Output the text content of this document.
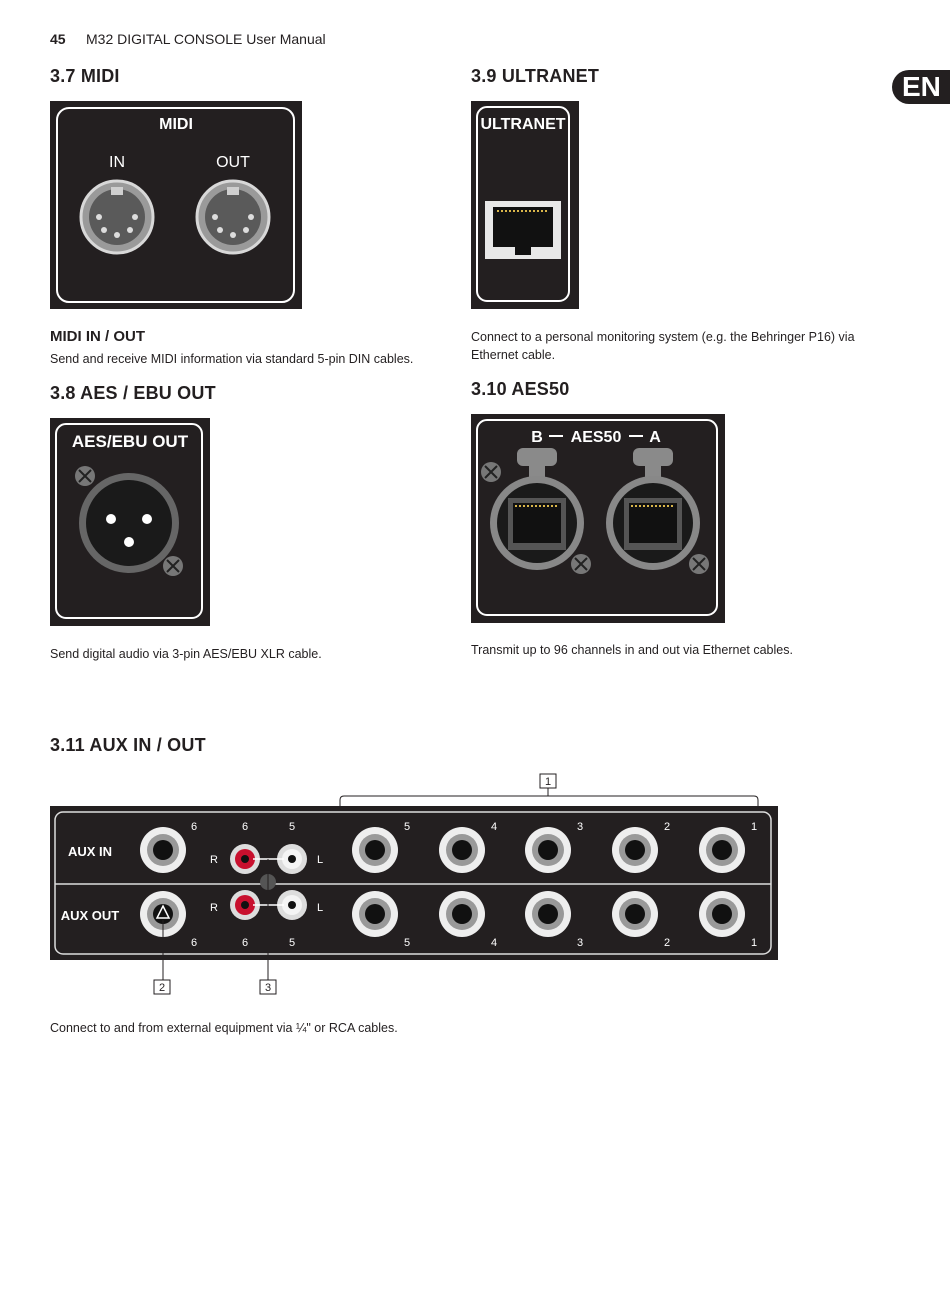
45 M32 DIGITAL CONSOLE User Manual
EN
3.7 MIDI
MIDI
IN	OUT
MIDI IN / OUT
Send and receive MIDI information via standard 5-pin DIN cables.
3.8 AES / EBU OUT
AES/EBU OUT
Send digital audio via 3-pin AES/EBU XLR cable.
3.9 ULTRANET
ULTRANET
Connect to a personal monitoring system (e.g. the Behringer P16) via
Ethernet cable.
3.10 AES50
B AES50 A
Transmit up to 96 channels in and out via Ethernet cables.
3.11 AUX IN / OUT
1
AUX IN
AUX OUT
6
6
6	5
6	5
R	L
R	L
5	4	3	2	1
5	4	3	2	1
2	3
Connect to and from external equipment via ¼" or RCA cables.
